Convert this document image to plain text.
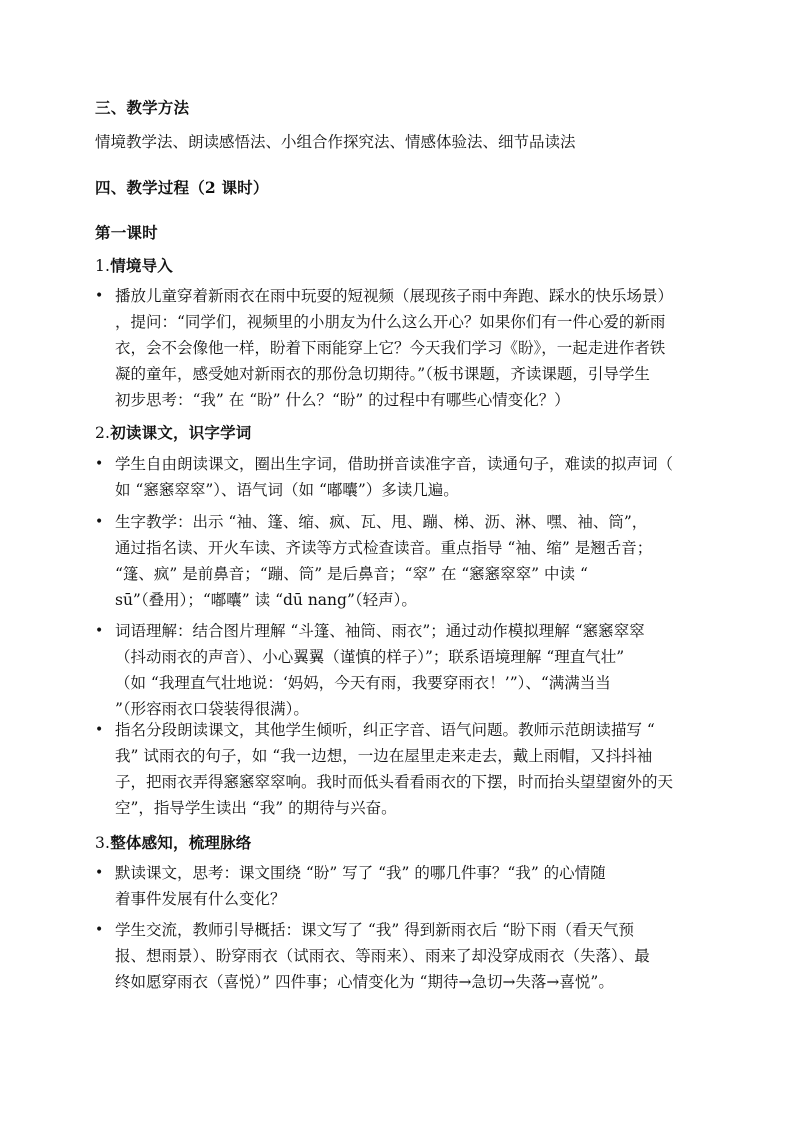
三、教学方法
情境教学法、朗读感悟法、小组合作探究法、情感体验法、细节品读法
四、教学过程（2 课时）
第一课时
1.情境导入
• 播放儿童穿着新雨衣在雨中玩耍的短视频（展现孩子雨中奔跑、踩水的快乐场景）
，提问：“同学们，视频里的小朋友为什么这么开心？如果你们有一件心爱的新雨
衣，会不会像他一样，盼着下雨能穿上它？今天我们学习《盼》，一起走进作者铁
凝的童年，感受她对新雨衣的那份急切期待。”（板书课题，齐读课题，引导学生
初步思考：“我” 在 “盼” 什么？“盼” 的过程中有哪些心情变化？）
2.初读课文，识字学词
• 学生自由朗读课文，圈出生字词，借助拼音读准字音，读通句子，难读的拟声词（
如 “窸窸窣窣”）、语气词（如 “嘟囔”）多读几遍。
• 生字教学：出示 “袖、篷、缩、疯、瓦、甩、蹦、梯、沥、淋、嘿、袖、筒”，
通过指名读、开火车读、齐读等方式检查读音。重点指导 “袖、缩” 是翘舌音；
“篷、疯” 是前鼻音；“蹦、筒” 是后鼻音；“窣” 在 “窸窸窣窣” 中读 “
sū”（叠用）；“嘟囔” 读 “dū nang”（轻声）。
• 词语理解：结合图片理解 “斗篷、袖筒、雨衣”；通过动作模拟理解 “窸窸窣窣
（抖动雨衣的声音）、小心翼翼（谨慎的样子）”；联系语境理解 “理直气壮”
（如 “我理直气壮地说：‘妈妈，今天有雨，我要穿雨衣！’”）、“满满当当
”（形容雨衣口袋装得很满）。
• 指名分段朗读课文，其他学生倾听，纠正字音、语气问题。教师示范朗读描写 “
我” 试雨衣的句子，如 “我一边想，一边在屋里走来走去，戴上雨帽，又抖抖袖
子，把雨衣弄得窸窸窣窣响。我时而低头看看雨衣的下摆，时而抬头望望窗外的天
空”，指导学生读出 “我” 的期待与兴奋。
3.整体感知，梳理脉络
• 默读课文，思考：课文围绕 “盼” 写了 “我” 的哪几件事？“我” 的心情随
着事件发展有什么变化？
• 学生交流，教师引导概括：课文写了 “我” 得到新雨衣后 “盼下雨（看天气预
报、想雨景）、盼穿雨衣（试雨衣、等雨来）、雨来了却没穿成雨衣（失落）、最
终如愿穿雨衣（喜悦）” 四件事；心情变化为 “期待→急切→失落→喜悦”。
